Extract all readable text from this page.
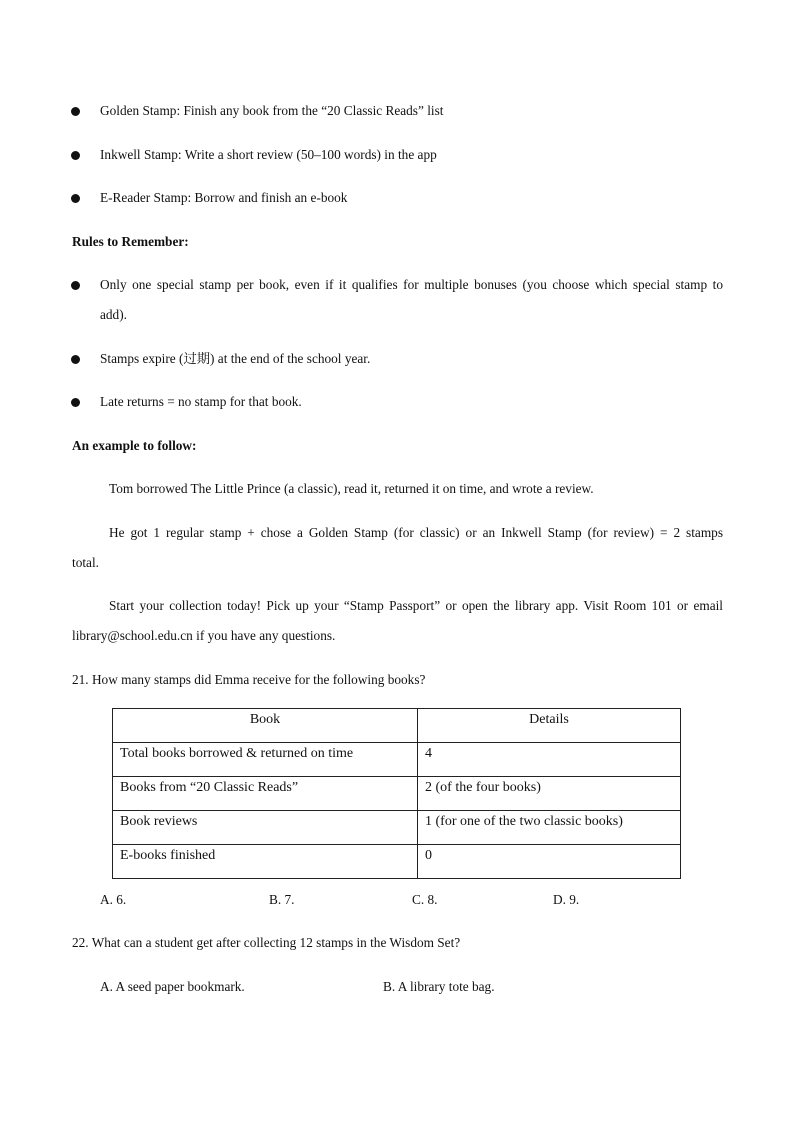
Golden Stamp: Finish any book from the “20 Classic Reads” list
Inkwell Stamp: Write a short review (50–100 words) in the app
E-Reader Stamp: Borrow and finish an e-book
Rules to Remember:
Only one special stamp per book, even if it qualifies for multiple bonuses (you choose which special stamp to
add).
Stamps expire (过期) at the end of the school year.
Late returns = no stamp for that book.
An example to follow:
Tom borrowed The Little Prince (a classic), read it, returned it on time, and wrote a review.
He got 1 regular stamp + chose a Golden Stamp (for classic) or an Inkwell Stamp (for review) = 2 stamps
total.
Start your collection today! Pick up your “Stamp Passport” or open the library app. Visit Room 101 or email
library@school.edu.cn if you have any questions.
21. How many stamps did Emma receive for the following books?
Book	Details
Total books borrowed & returned on time	4
Books from “20 Classic Reads”	2 (of the four books)
Book reviews	1 (for one of the two classic books)
E-books finished	0
A. 6.	B. 7.	C. 8.	D. 9.
22. What can a student get after collecting 12 stamps in the Wisdom Set?
A. A seed paper bookmark.	B. A library tote bag.
